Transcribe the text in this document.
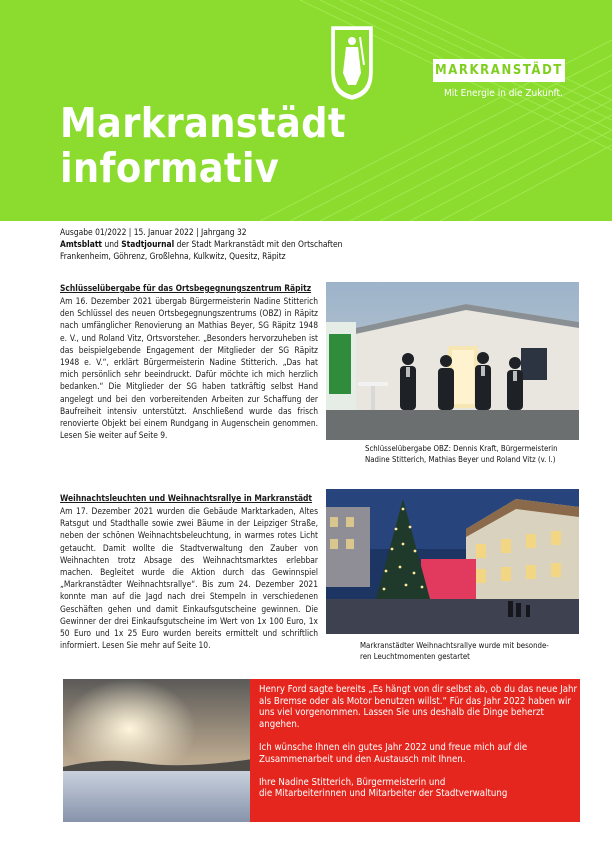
MARKRANSTÄDT
Mit Energie in die Zukunft.
Markranstädt
informativ
Ausgabe 01/2022 | 15. Januar 2022 | Jahrgang 32
Amtsblatt und Stadtjournal der Stadt Markranstädt mit den Ortschaften
Frankenheim, Göhrenz, Großlehna, Kulkwitz, Quesitz, Räpitz
Schlüsselübergabe für das Ortsbegegnungszentrum Räpitz
Am 16. Dezember 2021 übergab Bürgermeisterin Nadine Stitterich den Schlüssel des neuen Ortsbegegnungszentrums (OBZ) in Räpitz nach umfänglicher Renovierung an Mathias Beyer, SG Räpitz 1948 e. V., und Roland Vitz, Ortsvorsteher. „Besonders hervorzuheben ist das beispielgebende Engagement der Mitglieder der SG Räpitz 1948 e. V.“, erklärt Bürgermeisterin Nadine Stitterich. „Das hat mich persönlich sehr beeindruckt. Dafür möchte ich mich herzlich bedanken.“ Die Mitglieder der SG haben tatkräftig selbst Hand angelegt und bei den vorbereitenden Arbeiten zur Schaffung der Baufreiheit intensiv unterstützt. Anschließend wurde das frisch renovierte Objekt bei einem Rundgang in Augenschein genommen. Lesen Sie weiter auf Seite 9.
Schlüsselübergabe OBZ: Dennis Kraft, Bürgermeisterin
Nadine Stitterich, Mathias Beyer und Roland Vitz (v. l.)
Weihnachtsleuchten und Weihnachtsrallye in Markranstädt
Am 17. Dezember 2021 wurden die Gebäude Marktarkaden, Altes Ratsgut und Stadthalle sowie zwei Bäume in der Leipziger Straße, neben der schönen Weihnachtsbeleuchtung, in warmes rotes Licht getaucht. Damit wollte die Stadtverwaltung den Zauber von Weihnachten trotz Absage des Weihnachtsmarktes erlebbar machen. Begleitet wurde die Aktion durch das Gewinnspiel „Markranstädter Weihnachtsrallye“. Bis zum 24. Dezember 2021 konnte man auf die Jagd nach drei Stempeln in verschiedenen Geschäften gehen und damit Einkaufsgutscheine gewinnen. Die Gewinner der drei Einkaufsgutscheine im Wert von 1x 100 Euro, 1x 50 Euro und 1x 25 Euro wurden bereits ermittelt und schriftlich informiert. Lesen Sie mehr auf Seite 10.	Markranstädter Weihnachtsrallye wurde mit besonde-
ren Leuchtmomenten gestartet

Henry Ford sagte bereits „Es hängt von dir selbst ab, ob du das neue Jahr als Bremse oder als Motor benutzen willst.“ Für das Jahr 2022 haben wir uns viel vorgenommen. Lassen Sie uns deshalb die Dinge beherzt angehen.

Ich wünsche Ihnen ein gutes Jahr 2022 und freue mich auf die Zusammenarbeit und den Austausch mit Ihnen.

Ihre Nadine Stitterich, Bürgermeisterin und
die Mitarbeiterinnen und Mitarbeiter der Stadtverwaltung
